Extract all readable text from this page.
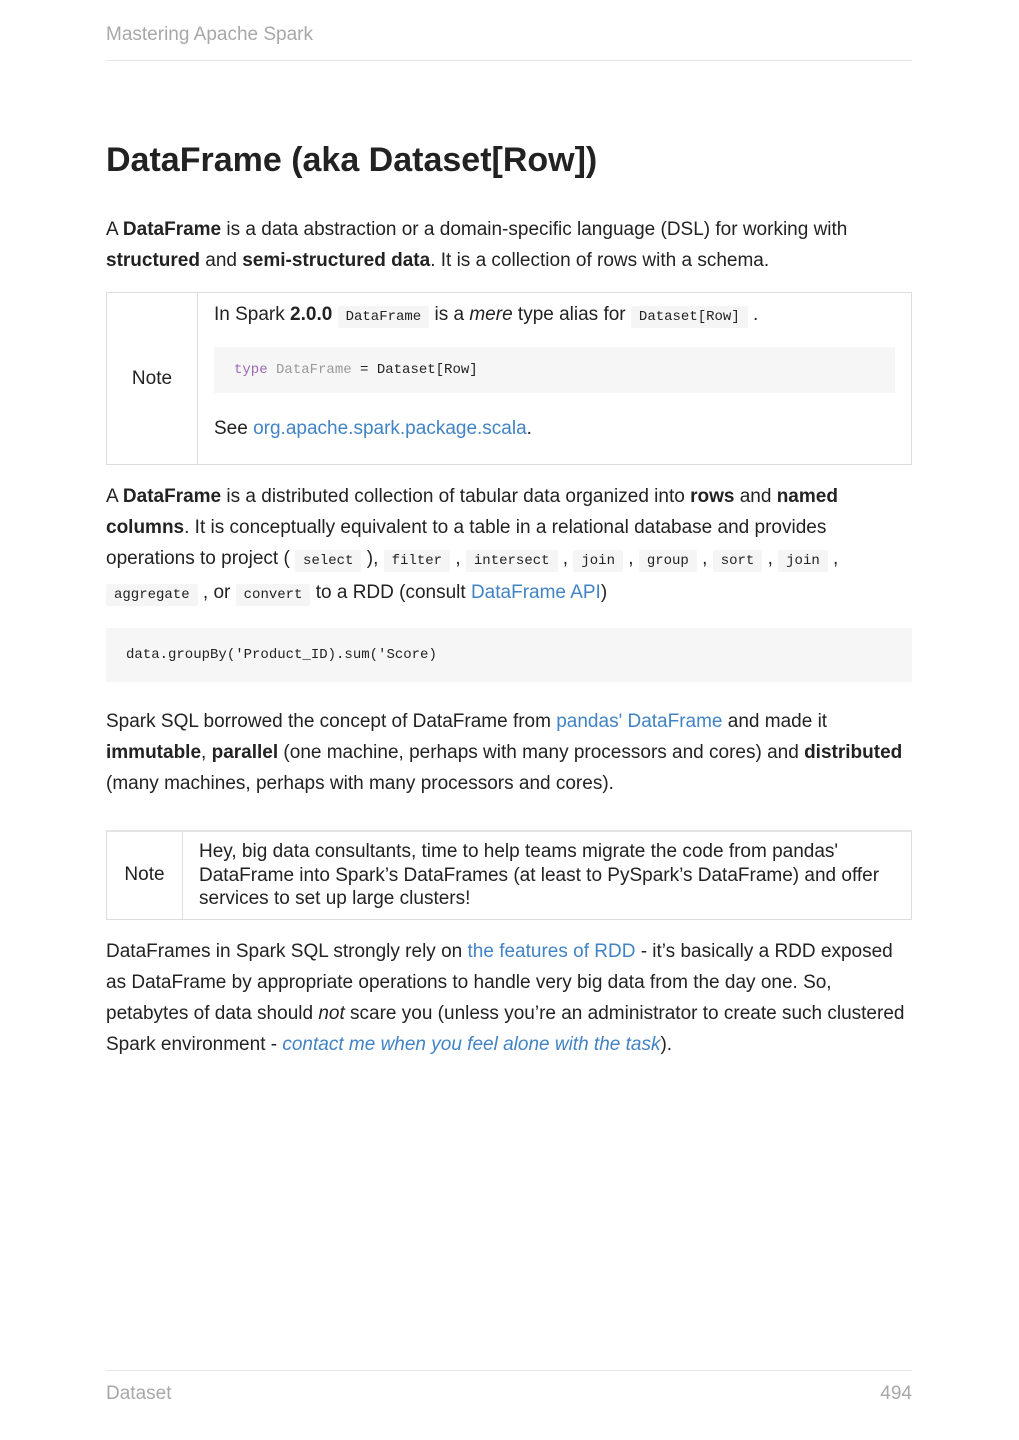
Mastering Apache Spark
DataFrame (aka Dataset[Row])

A DataFrame is a data abstraction or a domain-specific language (DSL) for working with structured and semi-structured data. It is a collection of rows with a schema.

Note

In Spark 2.0.0 DataFrame is a mere type alias for Dataset[Row] .

type DataFrame = Dataset[Row]

See org.apache.spark.package.scala.

A DataFrame is a distributed collection of tabular data organized into rows and named columns. It is conceptually equivalent to a table in a relational database and provides operations to project ( select ), filter , intersect , join , group , sort , join , aggregate , or convert to a RDD (consult DataFrame API)

data.groupBy('Product_ID).sum('Score)

Spark SQL borrowed the concept of DataFrame from pandas' DataFrame and made it immutable, parallel (one machine, perhaps with many processors and cores) and distributed (many machines, perhaps with many processors and cores).

Note
Hey, big data consultants, time to help teams migrate the code from pandas' DataFrame into Spark’s DataFrames (at least to PySpark’s DataFrame) and offer services to set up large clusters!

DataFrames in Spark SQL strongly rely on the features of RDD - it’s basically a RDD exposed as DataFrame by appropriate operations to handle very big data from the day one. So, petabytes of data should not scare you (unless you’re an administrator to create such clustered Spark environment - contact me when you feel alone with the task).

Dataset	494
